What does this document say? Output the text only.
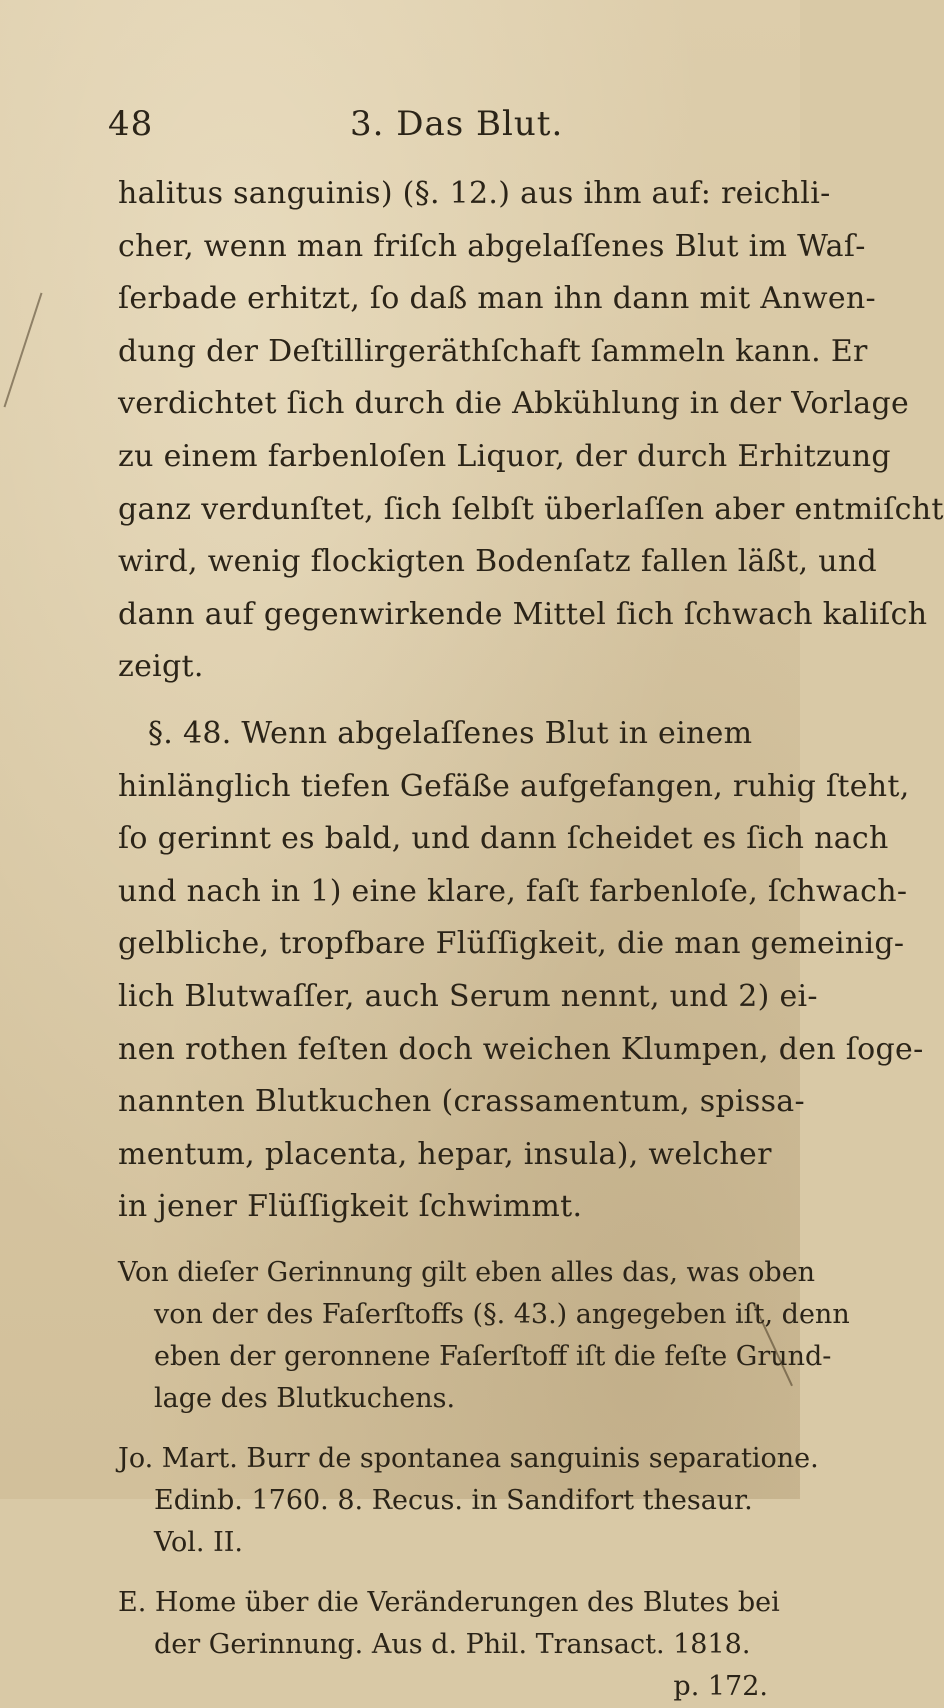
48	3. Das Blut.

halitus sanguinis) (§. 12.) aus ihm auf: reichli-
cher, wenn man friſch abgelaſſenes Blut im Waſ-
ſerbade erhitzt, ſo daß man ihn dann mit Anwen-
dung der Deſtillirgeräthſchaft ſammeln kann. Er
verdichtet ſich durch die Abkühlung in der Vorlage
zu einem farbenloſen Liquor, der durch Erhitzung
ganz verdunſtet, ſich ſelbſt überlaſſen aber entmiſcht
wird, wenig flockigten Bodenſatz fallen läßt, und
dann auf gegenwirkende Mittel ſich ſchwach kaliſch
zeigt.

§. 48. Wenn abgelaſſenes Blut in einem
hinlänglich tiefen Gefäße aufgefangen, ruhig ſteht,
ſo gerinnt es bald, und dann ſcheidet es ſich nach
und nach in 1) eine klare, faſt farbenloſe, ſchwach-
gelbliche, tropfbare Flüſſigkeit, die man gemeinig-
lich Blutwaſſer, auch Serum nennt, und 2) ei-
nen rothen feſten doch weichen Klumpen, den ſoge-
nannten Blutkuchen (crassamentum, spissa-
mentum, placenta, hepar, insula), welcher
in jener Flüſſigkeit ſchwimmt.

Von dieſer Gerinnung gilt eben alles das, was oben
von der des Faſerſtoffs (§. 43.) angegeben iſt, denn
eben der geronnene Faſerſtoff iſt die feſte Grund-
lage des Blutkuchens.

Jo. Mart. Burr de spontanea sanguinis separatione.
Edinb. 1760. 8. Recus. in Sandifort thesaur.
Vol. II.

E. Home über die Veränderungen des Blutes bei
der Gerinnung. Aus d. Phil. Transact. 1818.
p. 172.
